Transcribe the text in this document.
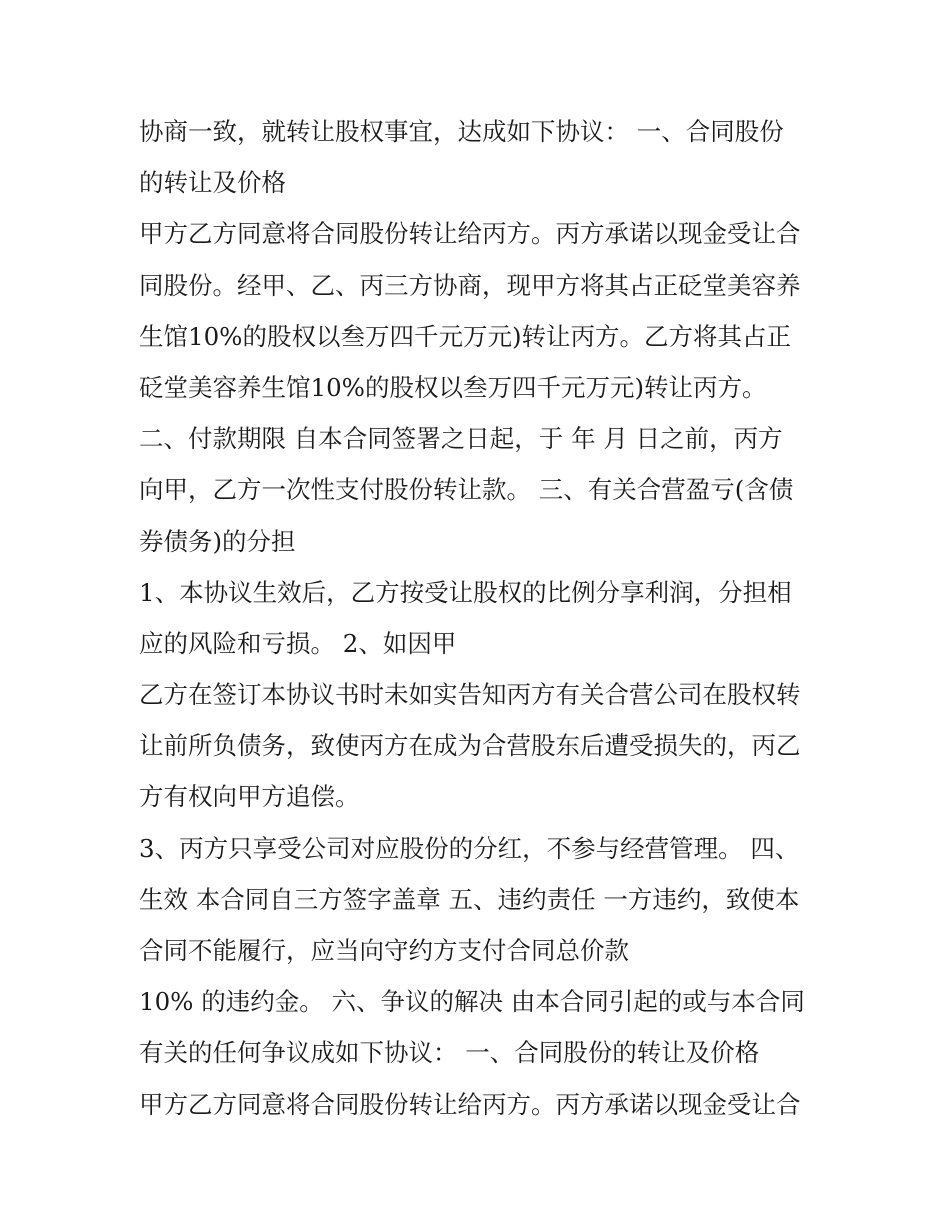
协商一致，就转让股权事宜，达成如下协议： 一、合同股份
的转让及价格
甲方乙方同意将合同股份转让给丙方。丙方承诺以现金受让合
同股份。经甲、乙、丙三方协商，现甲方将其占正砭堂美容养
生馆10%的股权以叁万四千元万元)转让丙方。乙方将其占正
砭堂美容养生馆10%的股权以叁万四千元万元)转让丙方。
二、付款期限 自本合同签署之日起，于 年 月 日之前，丙方
向甲，乙方一次性支付股份转让款。 三、有关合营盈亏(含债
券债务)的分担
1、本协议生效后，乙方按受让股权的比例分享利润，分担相
应的风险和亏损。 2、如因甲
乙方在签订本协议书时未如实告知丙方有关合营公司在股权转
让前所负债务，致使丙方在成为合营股东后遭受损失的，丙乙
方有权向甲方追偿。
3、丙方只享受公司对应股份的分红，不参与经营管理。 四、
生效 本合同自三方签字盖章 五、违约责任 一方违约，致使本
合同不能履行，应当向守约方支付合同总价款
10% 的违约金。 六、争议的解决 由本合同引起的或与本合同
有关的任何争议成如下协议： 一、合同股份的转让及价格
甲方乙方同意将合同股份转让给丙方。丙方承诺以现金受让合
